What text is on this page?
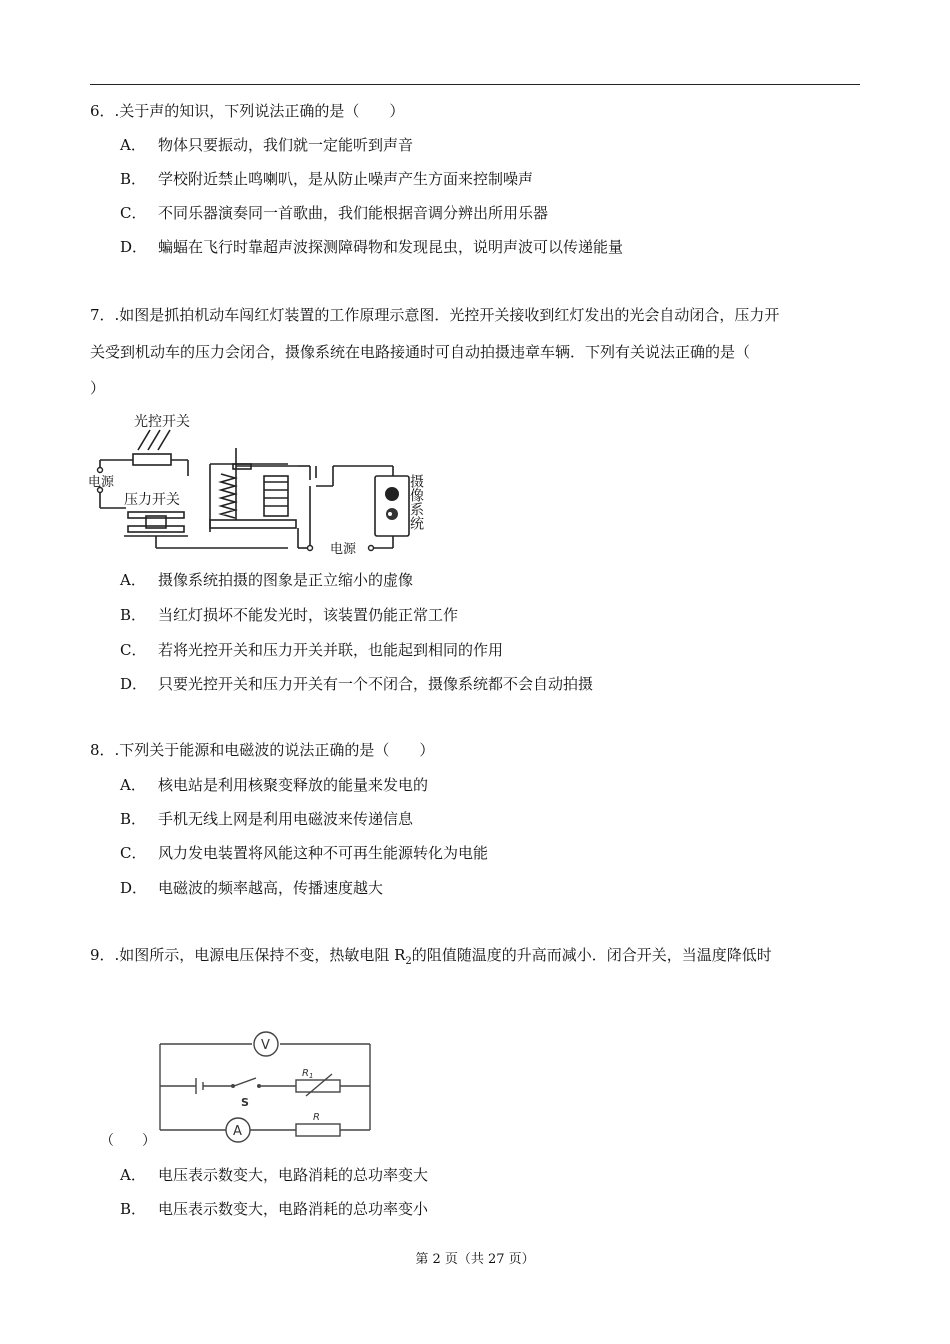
6．.关于声的知识，下列说法正确的是（　　）
A． 物体只要振动，我们就一定能听到声音
B． 学校附近禁止鸣喇叭，是从防止噪声产生方面来控制噪声
C． 不同乐器演奏同一首歌曲，我们能根据音调分辨出所用乐器
D． 蝙蝠在飞行时靠超声波探测障碍物和发现昆虫，说明声波可以传递能量
7．.如图是抓拍机动车闯红灯装置的工作原理示意图．光控开关接收到红灯发出的光会自动闭合，压力开
关受到机动车的压力会闭合，摄像系统在电路接通时可自动拍摄违章车辆．下列有关说法正确的是（
）
光控开关
电源
压力开关
电源
摄像系统
A． 摄像系统拍摄的图象是正立缩小的虚像
B． 当红灯损坏不能发光时，该装置仍能正常工作
C． 若将光控开关和压力开关并联，也能起到相同的作用
D． 只要光控开关和压力开关有一个不闭合，摄像系统都不会自动拍摄
8．.下列关于能源和电磁波的说法正确的是（　　）
A． 核电站是利用核聚变释放的能量来发电的
B． 手机无线上网是利用电磁波来传递信息
C． 风力发电装置将风能这种不可再生能源转化为电能
D． 电磁波的频率越高，传播速度越大
9．.如图所示，电源电压保持不变，热敏电阻 $R_2$的阻值随温度的升高而减小．闭合开关，当温度降低时
V
A
S
$R_1$
R
（　　）
A． 电压表示数变大，电路消耗的总功率变大
B． 电压表示数变大，电路消耗的总功率变小
第 2 页（共 27 页）
